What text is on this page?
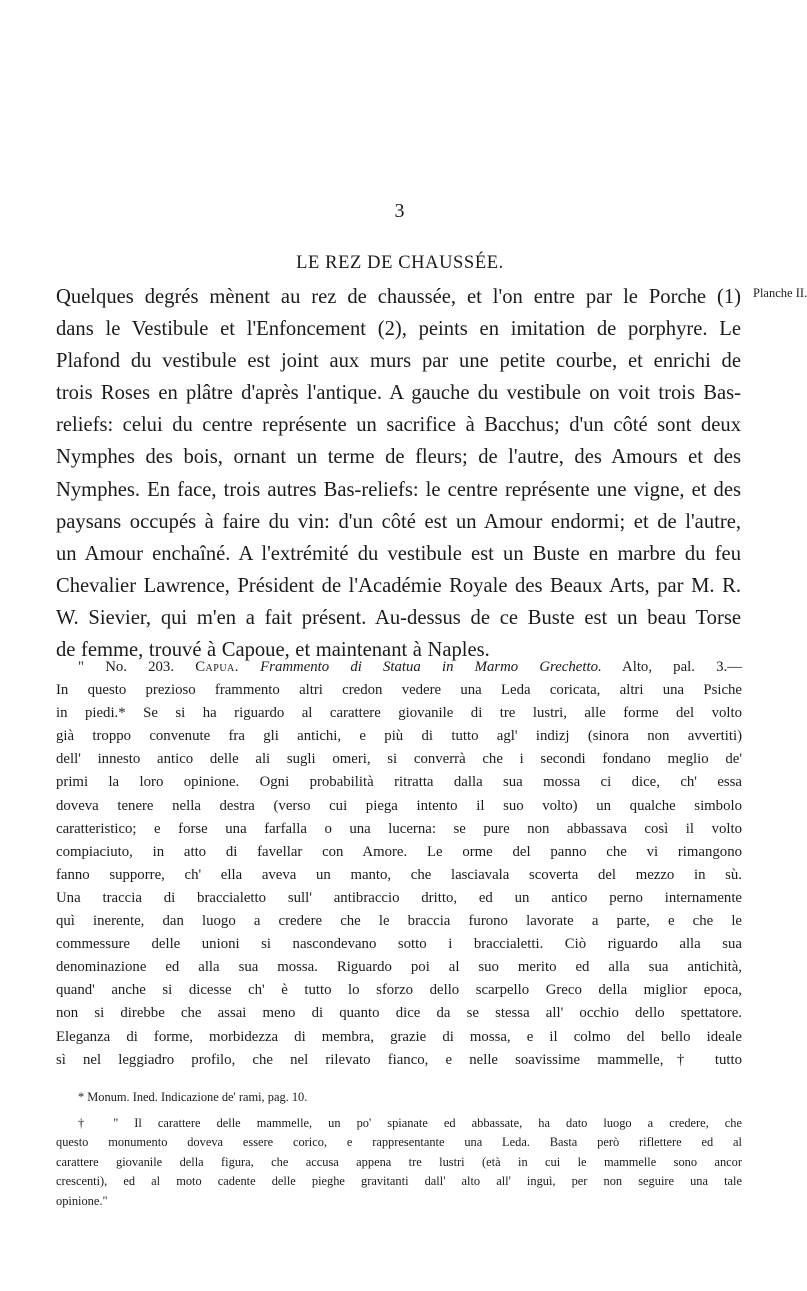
3
LE REZ DE CHAUSSÉE.
Planche II.

Quelques degrés mènent au rez de chaussée, et l'on entre par le Porche (1)
dans le Vestibule et l'Enfoncement (2), peints en imitation de porphyre. Le
Plafond du vestibule est joint aux murs par une petite courbe, et enrichi de
trois Roses en plâtre d'après l'antique. A gauche du vestibule on voit trois Bas-
reliefs: celui du centre représente un sacrifice à Bacchus; d'un côté sont deux
Nymphes des bois, ornant un terme de fleurs; de l'autre, des Amours et des
Nymphes. En face, trois autres Bas-reliefs: le centre représente une vigne, et des
paysans occupés à faire du vin: d'un côté est un Amour endormi; et de l'autre,
un Amour enchaîné. A l'extrémité du vestibule est un Buste en marbre du feu
Chevalier Lawrence, Président de l'Académie Royale des Beaux Arts, par M. R.
W. Sievier, qui m'en a fait présent. Au-dessus de ce Buste est un beau Torse
de femme, trouvé à Capoue, et maintenant à Naples.

" No. 203. Capua. Frammento di Statua in Marmo Grechetto. Alto, pal. 3.—
In questo prezioso frammento altri credon vedere una Leda coricata, altri una Psiche
in piedi.* Se si ha riguardo al carattere giovanile di tre lustri, alle forme del volto
già troppo convenute fra gli antichi, e più di tutto agl' indizj (sinora non avvertiti)
dell' innesto antico delle ali sugli omeri, si converrà che i secondi fondano meglio de'
primi la loro opinione. Ogni probabilità ritratta dalla sua mossa ci dice, ch' essa
doveva tenere nella destra (verso cui piega intento il suo volto) un qualche simbolo
caratteristico; e forse una farfalla o una lucerna: se pure non abbassava così il volto
compiaciuto, in atto di favellar con Amore. Le orme del panno che vi rimangono
fanno supporre, ch' ella aveva un manto, che lasciavala scoverta del mezzo in sù.
Una traccia di braccialetto sull' antibraccio dritto, ed un antico perno internamente
quì inerente, dan luogo a credere che le braccia furono lavorate a parte, e che le
commessure delle unioni si nascondevano sotto i braccialetti. Ciò riguardo alla sua
denominazione ed alla sua mossa. Riguardo poi al suo merito ed alla sua antichità,
quand' anche si dicesse ch' è tutto lo sforzo dello scarpello Greco della miglior epoca,
non si direbbe che assai meno di quanto dice da se stessa all' occhio dello spettatore.
Eleganza di forme, morbidezza di membra, grazie di mossa, e il colmo del bello ideale
sì nel leggiadro profilo, che nel rilevato fianco, e nelle soavissime mammelle,† tutto
* Monum. Ined. Indicazione de' rami, pag. 10.
† " Il carattere delle mammelle, un po' spianate ed abbassate, ha dato luogo a credere, che
questo monumento doveva essere corico, e rappresentante una Leda. Basta però riflettere ed al
carattere giovanile della figura, che accusa appena tre lustri (età in cui le mammelle sono ancor
crescenti), ed al moto cadente delle pieghe gravitanti dall' alto all' inguì, per non seguire una tale
opinione."
